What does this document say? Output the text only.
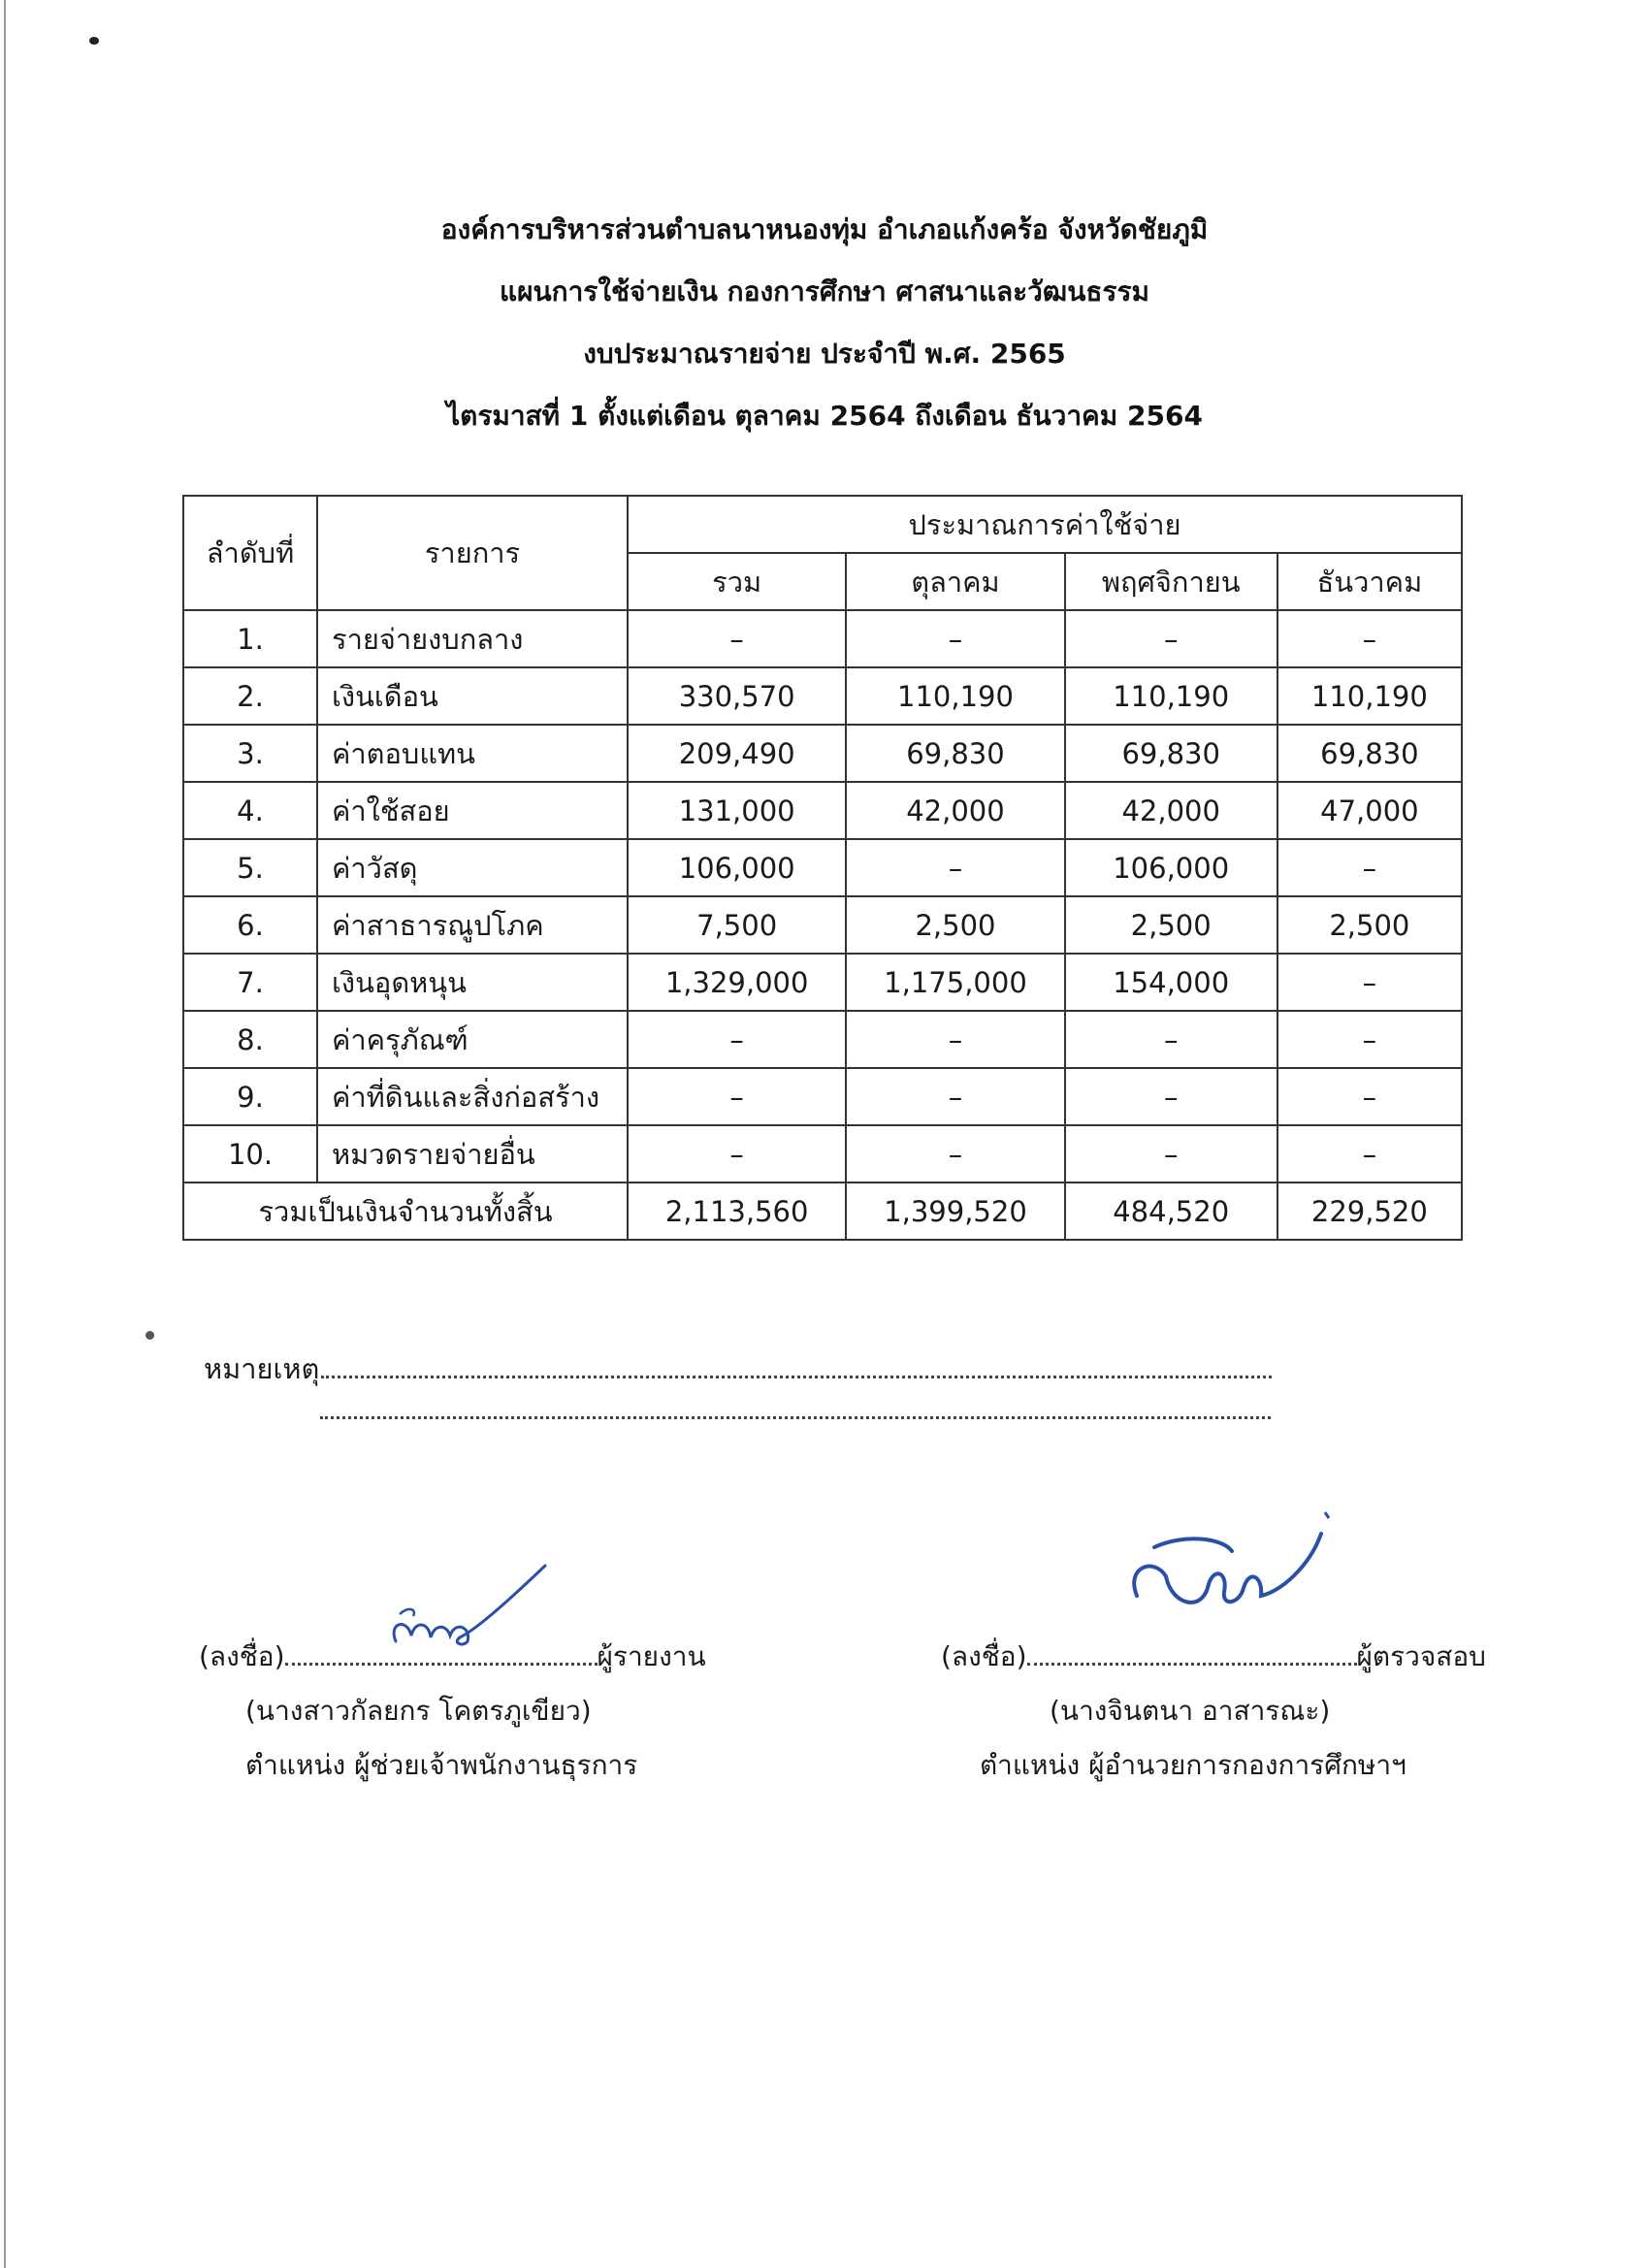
องค์การบริหารส่วนตำบลนาหนองทุ่ม อำเภอแก้งคร้อ จังหวัดชัยภูมิ
แผนการใช้จ่ายเงิน กองการศึกษา ศาสนาและวัฒนธรรม
งบประมาณรายจ่าย ประจำปี พ.ศ. 2565
ไตรมาสที่ 1 ตั้งแต่เดือน ตุลาคม 2564 ถึงเดือน ธันวาคม 2564
ลำดับที่	รายการ	ประมาณการค่าใช้จ่าย			
		รวม	ตุลาคม	พฤศจิกายน	ธันวาคม
1.	รายจ่ายงบกลาง	–	–	–	–
2.	เงินเดือน	330,570	110,190	110,190	110,190
3.	ค่าตอบแทน	209,490	69,830	69,830	69,830
4.	ค่าใช้สอย	131,000	42,000	42,000	47,000
5.	ค่าวัสดุ	106,000	–	106,000	–
6.	ค่าสาธารณูปโภค	7,500	2,500	2,500	2,500
7.	เงินอุดหนุน	1,329,000	1,175,000	154,000	–
8.	ค่าครุภัณฑ์	–	–	–	–
9.	ค่าที่ดินและสิ่งก่อสร้าง	–	–	–	–
10.	หมวดรายจ่ายอื่น	–	–	–	–
รวมเป็นเงินจำนวนทั้งสิ้น		2,113,560	1,399,520	484,520	229,520
หมายเหตุ
(ลงชื่อ)	ผู้รายงาน
(นางสาวกัลยกร โคตรภูเขียว)
ตำแหน่ง ผู้ช่วยเจ้าพนักงานธุรการ
(ลงชื่อ)	ผู้ตรวจสอบ
(นางจินตนา อาสารณะ)
ตำแหน่ง ผู้อำนวยการกองการศึกษาฯ
